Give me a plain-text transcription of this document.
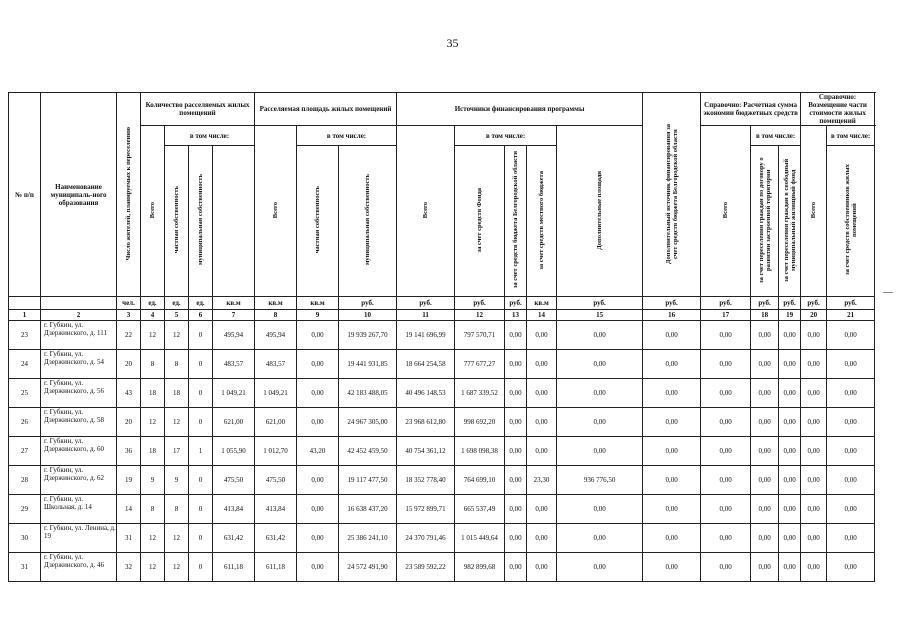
35
№ п/п	Наименование муниципаль-ного образования	Число жителей, планируемых к переселению	Количество расселяемых жилых помещений				Расселяемая площадь жилых помещений			Источники финансирования программы					Дополнительный источник финансирования за счет средств бюджета Белгородской области	Справочно: Расчетная сумма экономии бюджетных средств			Справочно: Возмещение части стоимости жилых помещений		
			Всего	в том числе:			Всего	в том числе:		Всего	в том числе:			Дополнительные площади		Всего	в том числе:		Всего	в том числе:	
				частная собственность	муниципальная собственность			частная собственность	муниципальная собственность		за счет средств Фонда	за счет средств бюджета Белгородской области	за счет средств местного бюджета				за счет переселения граждан по договору о развитии застроенной территории	за счет переселения граждан в свободный муниципальный жилищный фонд		за счет средств собственников жилых помещений	
		чел.	ед.	ед.	ед.	кв.м	кв.м	кв.м	руб.	руб.	руб.	руб.	кв.м	руб.	руб.	руб.	руб.	руб.	руб.	руб.	
1	2	3	4	5	6	7	8	9	10	11	12	13	14	15	16	17	18	19	20	21	
23	г. Губкин, ул. Дзержинского, д. 111	22	12	12	0	495,94	495,94	0,00	19 939 267,70	19 141 696,99	797 570,71	0,00	0,00	0,00	0,00	0,00	0,00	0,00	0,00	0,00	
24	г. Губкин, ул. Дзержинского, д. 54	20	8	8	0	483,57	483,57	0,00	19 441 931,85	18 664 254,58	777 677,27	0,00	0,00	0,00	0,00	0,00	0,00	0,00	0,00	0,00	
25	г. Губкин, ул. Дзержинского, д. 56	43	18	18	0	1 049,21	1 049,21	0,00	42 183 488,05	40 496 148,53	1 687 339,52	0,00	0,00	0,00	0,00	0,00	0,00	0,00	0,00	0,00	
26	г. Губкин, ул. Дзержинского, д. 58	20	12	12	0	621,00	621,00	0,00	24 967 305,00	23 968 612,80	998 692,20	0,00	0,00	0,00	0,00	0,00	0,00	0,00	0,00	0,00	
27	г. Губкин, ул. Дзержинского, д. 60	36	18	17	1	1 055,90	1 012,70	43,20	42 452 459,50	40 754 361,12	1 698 098,38	0,00	0,00	0,00	0,00	0,00	0,00	0,00	0,00	0,00	
28	г. Губкин, ул. Дзержинского, д. 62	19	9	9	0	475,50	475,50	0,00	19 117 477,50	18 352 778,40	764 699,10	0,00	23,30	936 776,50	0,00	0,00	0,00	0,00	0,00	0,00	
29	г. Губкин, ул. Школьная, д. 14	14	8	8	0	413,84	413,84	0,00	16 638 437,20	15 972 899,71	665 537,49	0,00	0,00	0,00	0,00	0,00	0,00	0,00	0,00	0,00	
30	г. Губкин, ул. Ленина, д. 19	31	12	12	0	631,42	631,42	0,00	25 386 241,10	24 370 791,46	1 015 449,64	0,00	0,00	0,00	0,00	0,00	0,00	0,00	0,00	0,00	
31	г. Губкин, ул. Дзержинского, д. 46	32	12	12	0	611,18	611,18	0,00	24 572 491,90	23 589 592,22	982 899,68	0,00	0,00	0,00	0,00	0,00	0,00	0,00	0,00	0,00	
